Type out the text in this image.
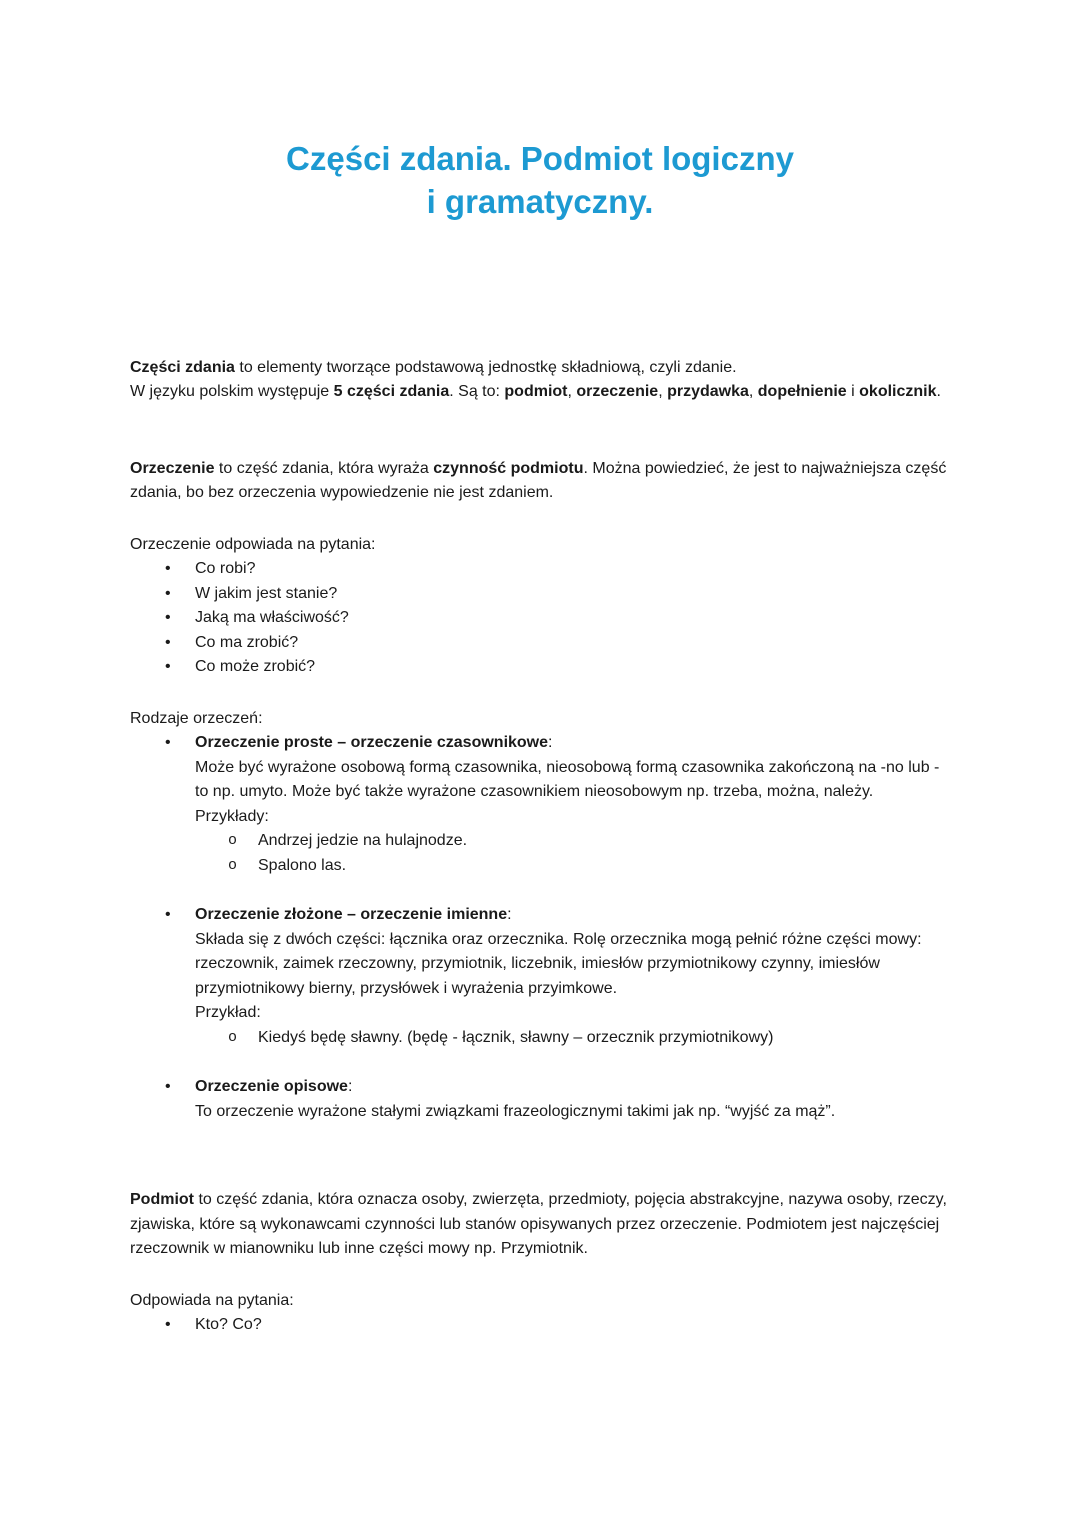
Części zdania. Podmiot logiczny
i gramatyczny.

Części zdania to elementy tworzące podstawową jednostkę składniową, czyli zdanie.
W języku polskim występuje 5 części zdania. Są to: podmiot, orzeczenie, przydawka, dopełnienie i okolicznik.

Orzeczenie to część zdania, która wyraża czynność podmiotu. Można powiedzieć, że jest to najważniejsza część zdania, bo bez orzeczenia wypowiedzenie nie jest zdaniem.

Orzeczenie odpowiada na pytania:

•	Co robi?
•	W jakim jest stanie?
•	Jaką ma właściwość?
•	Co ma zrobić?
•	Co może zrobić?

Rodzaje orzeczeń:

•	Orzeczenie proste – orzeczenie czasownikowe:

Może być wyrażone osobową formą czasownika, nieosobową formą czasownika zakończoną na -no lub -to np. umyto. Może być także wyrażone czasownikiem nieosobowym np. trzeba, można, należy.

Przykłady:

o	Andrzej jedzie na hulajnodze.
o	Spalono las.
•	Orzeczenie złożone – orzeczenie imienne:

Składa się z dwóch części: łącznika oraz orzecznika. Rolę orzecznika mogą pełnić różne części mowy: rzeczownik, zaimek rzeczowny, przymiotnik, liczebnik, imiesłów przymiotnikowy czynny, imiesłów przymiotnikowy bierny, przysłówek i wyrażenia przyimkowe.

Przykład:

o	Kiedyś będę sławny. (będę - łącznik, sławny – orzecznik przymiotnikowy)
•	Orzeczenie opisowe:

To orzeczenie wyrażone stałymi związkami frazeologicznymi takimi jak np. “wyjść za mąż”.

Podmiot to część zdania, która oznacza osoby, zwierzęta, przedmioty, pojęcia abstrakcyjne, nazywa osoby, rzeczy, zjawiska, które są wykonawcami czynności lub stanów opisywanych przez orzeczenie. Podmiotem jest najczęściej rzeczownik w mianowniku lub inne części mowy np. Przymiotnik.

Odpowiada na pytania:

•	Kto? Co?
